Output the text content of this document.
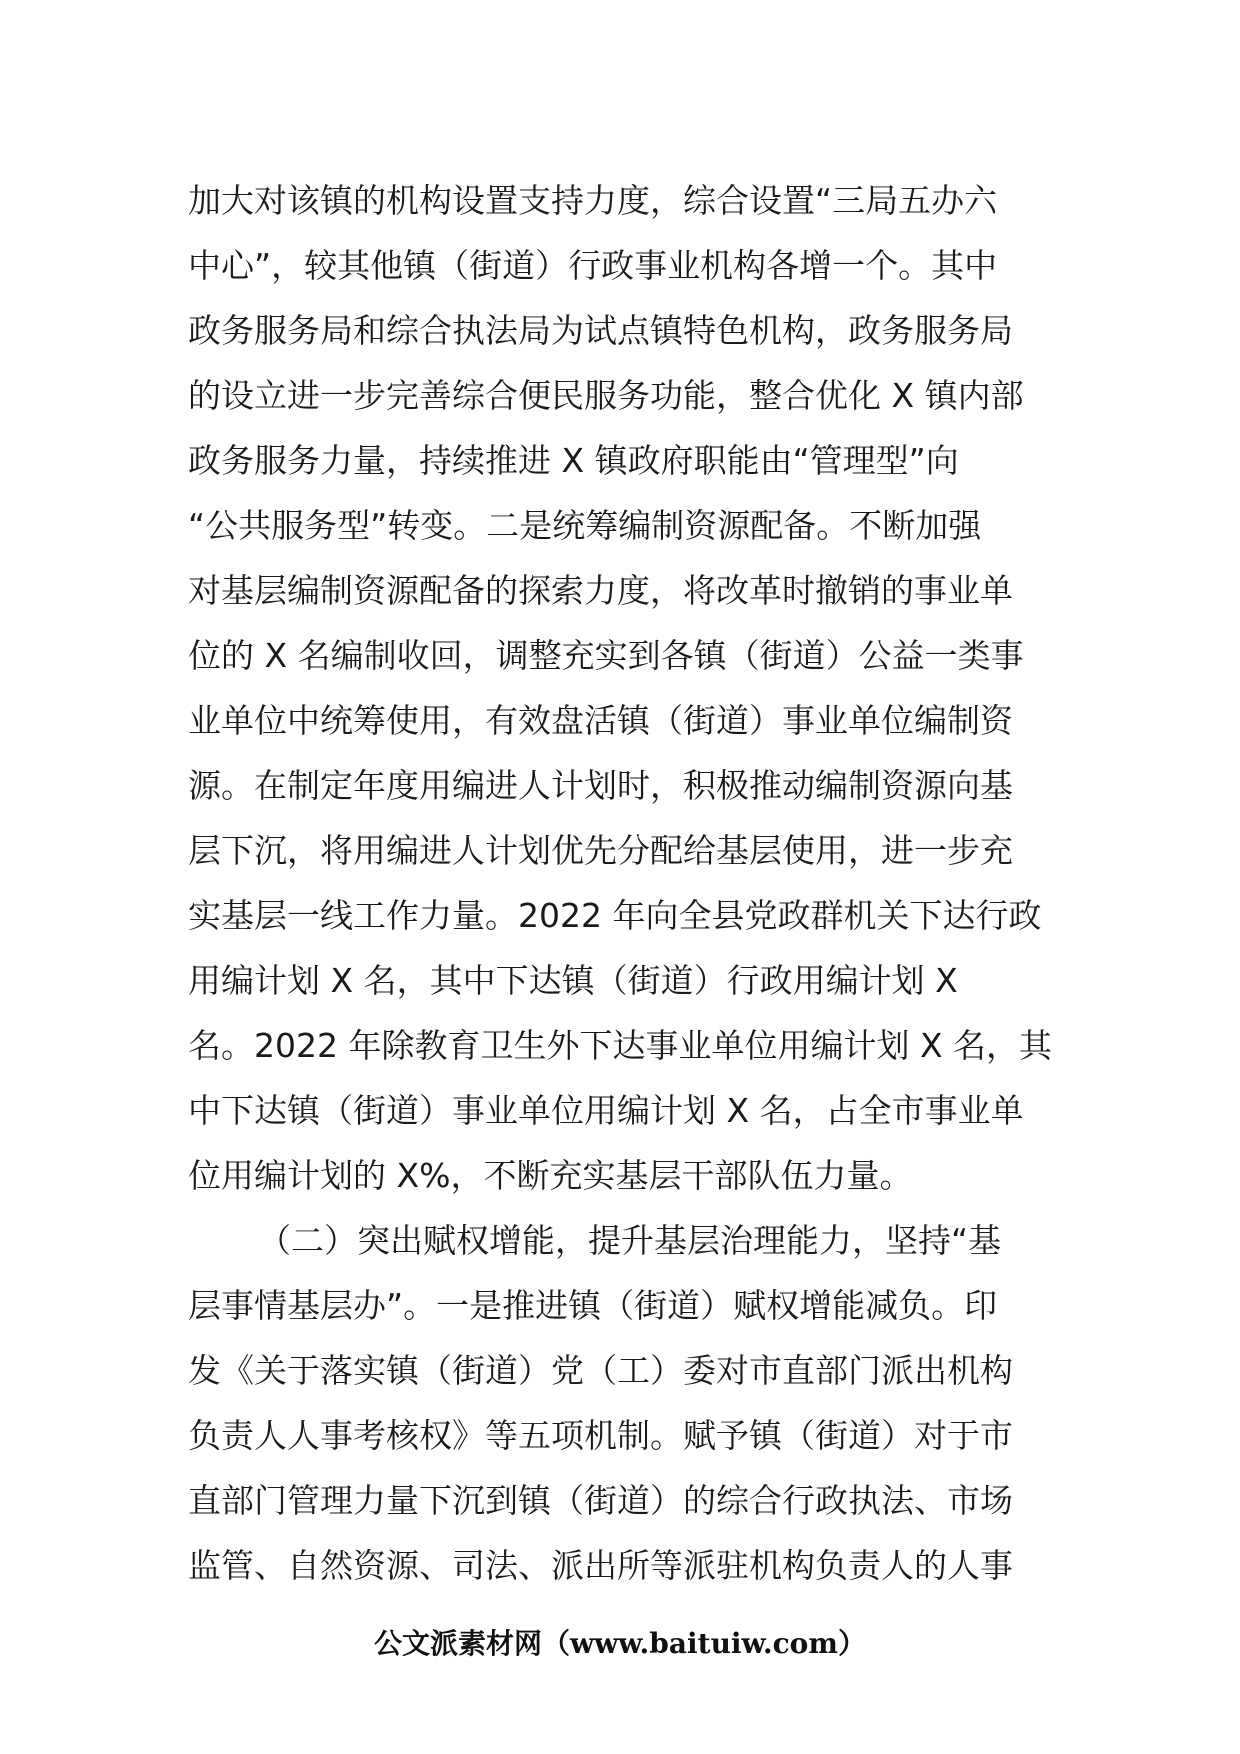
加大对该镇的机构设置支持力度，综合设置“三局五办六
中心”，较其他镇（街道）行政事业机构各增一个。其中
政务服务局和综合执法局为试点镇特色机构，政务服务局
的设立进一步完善综合便民服务功能，整合优化 X 镇内部
政务服务力量，持续推进 X 镇政府职能由“管理型”向
“公共服务型”转变。二是统筹编制资源配备。不断加强
对基层编制资源配备的探索力度，将改革时撤销的事业单
位的 X 名编制收回，调整充实到各镇（街道）公益一类事
业单位中统筹使用，有效盘活镇（街道）事业单位编制资
源。在制定年度用编进人计划时，积极推动编制资源向基
层下沉，将用编进人计划优先分配给基层使用，进一步充
实基层一线工作力量。2022 年向全县党政群机关下达行政
用编计划 X 名，其中下达镇（街道）行政用编计划 X
名。2022 年除教育卫生外下达事业单位用编计划 X 名，其
中下达镇（街道）事业单位用编计划 X 名，占全市事业单
位用编计划的 X%，不断充实基层干部队伍力量。
（二）突出赋权增能，提升基层治理能力，坚持“基
层事情基层办”。一是推进镇（街道）赋权增能减负。印
发《关于落实镇（街道）党（工）委对市直部门派出机构
负责人人事考核权》等五项机制。赋予镇（街道）对于市
直部门管理力量下沉到镇（街道）的综合行政执法、市场
监管、自然资源、司法、派出所等派驻机构负责人的人事
公文派素材网（www.baituiw.com）
